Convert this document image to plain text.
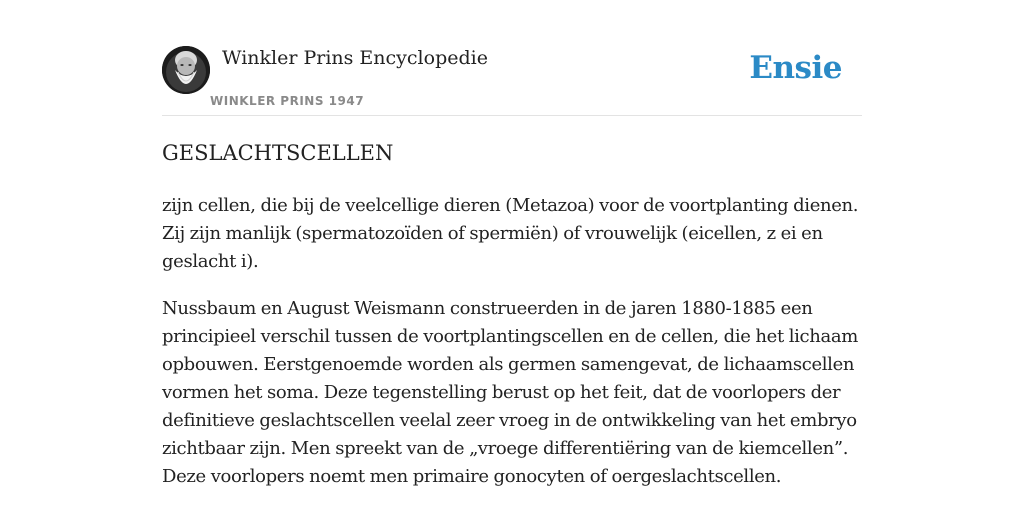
Winkler Prins Encyclopedie
WINKLER PRINS 1947
Ensie
GESLACHTSCELLEN

zijn cellen, die bij de veelcellige dieren (Metazoa) voor de voortplanting dienen. Zij zijn manlijk (spermatozoïden of spermiën) of vrouwelijk (eicellen, z ei en geslacht i).

Nussbaum en August Weismann construeerden in de jaren 1880-1885 een principieel verschil tussen de voortplantingscellen en de cellen, die het lichaam opbouwen. Eerstgenoemde worden als germen samengevat, de lichaamscellen vormen het soma. Deze tegenstelling berust op het feit, dat de voorlopers der definitieve geslachtscellen veelal zeer vroeg in de ontwikkeling van het embryo zichtbaar zijn. Men spreekt van de „vroege differentiëring van de kiemcellen”. Deze voorlopers noemt men primaire gonocyten of oergeslachtscellen.
